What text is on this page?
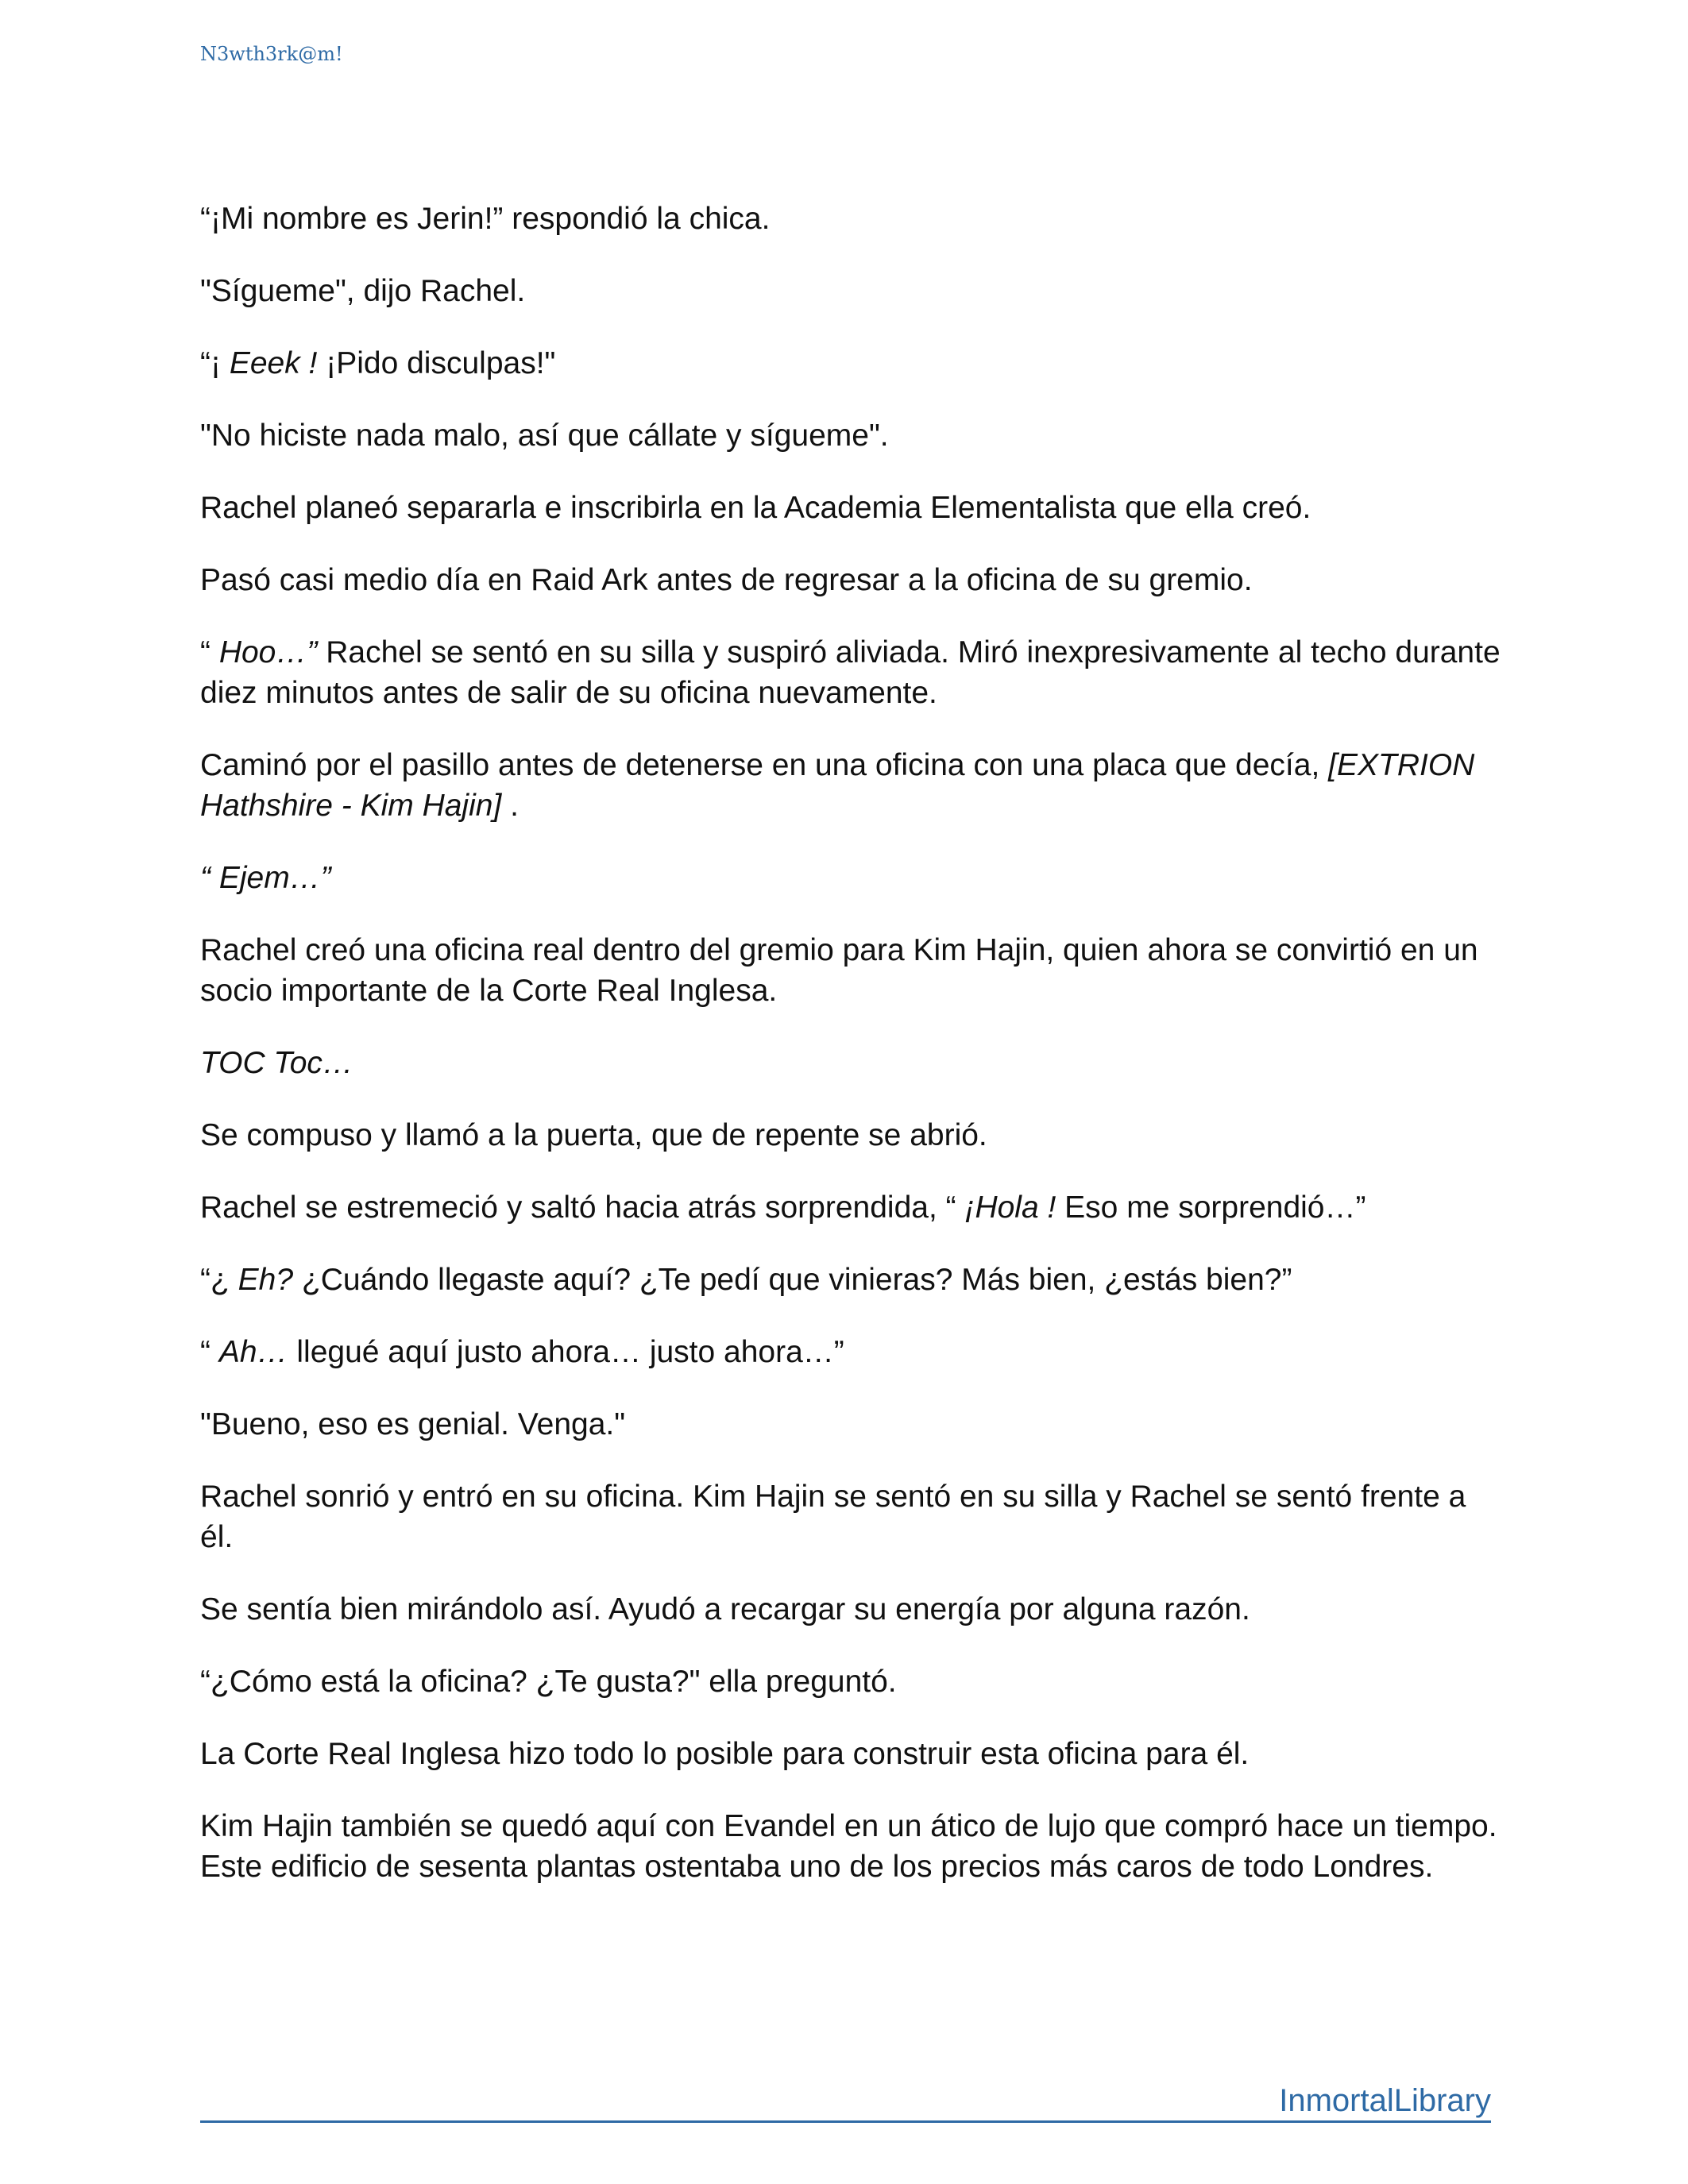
N3wth3rk@m!

“¡Mi nombre es Jerin!” respondió la chica.

"Sígueme", dijo Rachel.

“¡ Eeek ! ¡Pido disculpas!"

"No hiciste nada malo, así que cállate y sígueme".

Rachel planeó separarla e inscribirla en la Academia Elementalista que ella creó.

Pasó casi medio día en Raid Ark antes de regresar a la oficina de su gremio.

“ Hoo…” Rachel se sentó en su silla y suspiró aliviada. Miró inexpresivamente al techo durante diez minutos antes de salir de su oficina nuevamente.

Caminó por el pasillo antes de detenerse en una oficina con una placa que decía, [EXTRION Hathshire - Kim Hajin] .

“ Ejem…”

Rachel creó una oficina real dentro del gremio para Kim Hajin, quien ahora se convirtió en un socio importante de la Corte Real Inglesa.

TOC Toc…

Se compuso y llamó a la puerta, que de repente se abrió.

Rachel se estremeció y saltó hacia atrás sorprendida, “ ¡Hola ! Eso me sorprendió…”

“¿ Eh? ¿Cuándo llegaste aquí? ¿Te pedí que vinieras? Más bien, ¿estás bien?”

“ Ah… llegué aquí justo ahora… justo ahora…”

"Bueno, eso es genial. Venga."

Rachel sonrió y entró en su oficina. Kim Hajin se sentó en su silla y Rachel se sentó frente a él.

Se sentía bien mirándolo así. Ayudó a recargar su energía por alguna razón.

“¿Cómo está la oficina? ¿Te gusta?" ella preguntó.

La Corte Real Inglesa hizo todo lo posible para construir esta oficina para él.

Kim Hajin también se quedó aquí con Evandel en un ático de lujo que compró hace un tiempo. Este edificio de sesenta plantas ostentaba uno de los precios más caros de todo Londres.

InmortalLibrary
